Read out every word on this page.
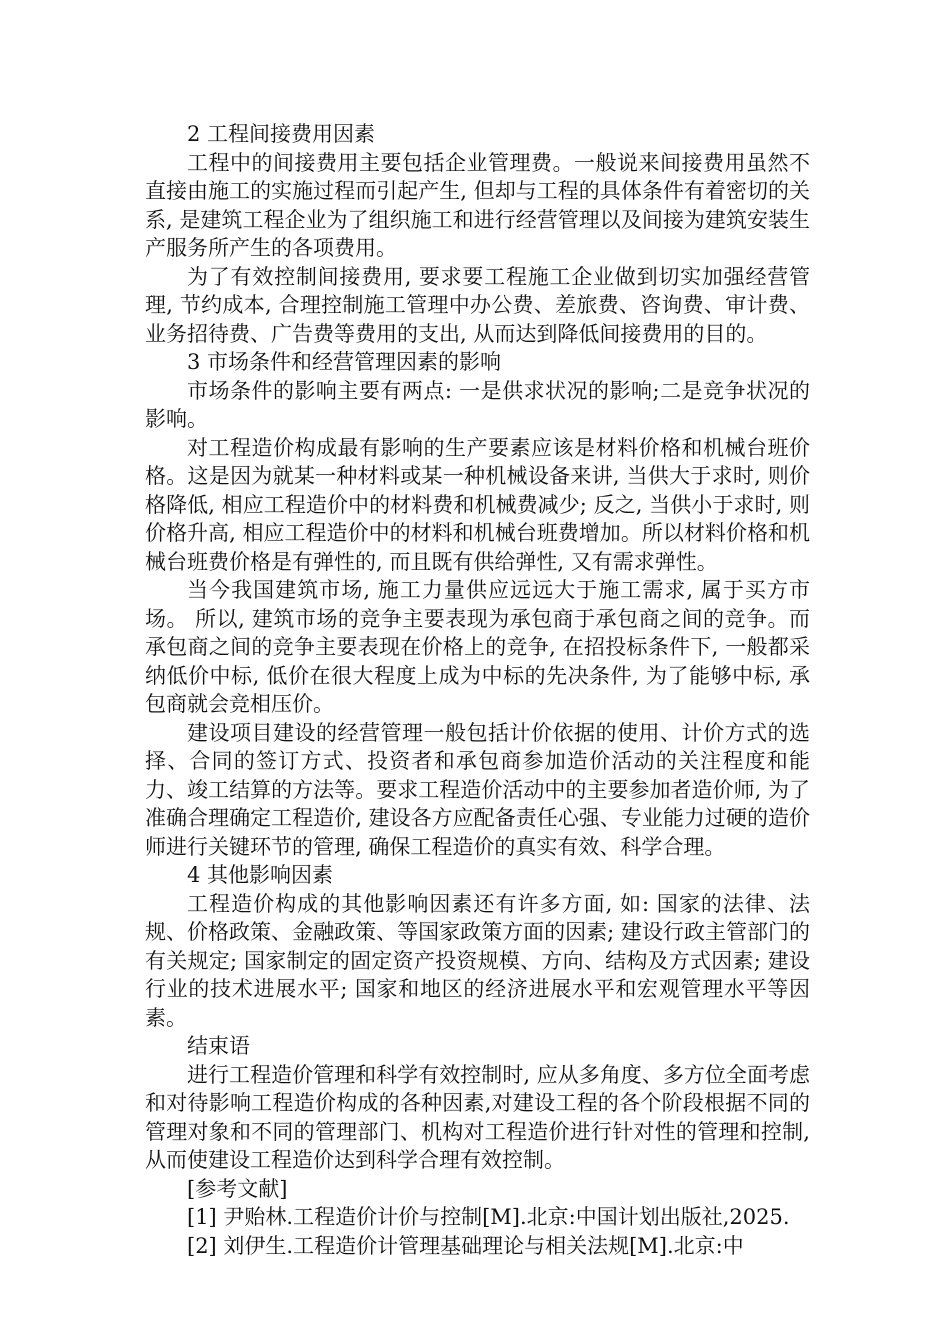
2 工程间接费用因素

工程中的间接费用主要包括企业管理费。一般说来间接费用虽然不直接由施工的实施过程而引起产生, 但却与工程的具体条件有着密切的关系, 是建筑工程企业为了组织施工和进行经营管理以及间接为建筑安装生产服务所产生的各项费用。

为了有效控制间接费用, 要求要工程施工企业做到切实加强经营管理, 节约成本, 合理控制施工管理中办公费、差旅费、咨询费、审计费、业务招待费、广告费等费用的支出, 从而达到降低间接费用的目的。

3 市场条件和经营管理因素的影响

市场条件的影响主要有两点: 一是供求状况的影响;二是竞争状况的影响。

对工程造价构成最有影响的生产要素应该是材料价格和机械台班价格。这是因为就某一种材料或某一种机械设备来讲, 当供大于求时, 则价格降低, 相应工程造价中的材料费和机械费减少; 反之, 当供小于求时, 则价格升高, 相应工程造价中的材料和机械台班费增加。所以材料价格和机械台班费价格是有弹性的, 而且既有供给弹性, 又有需求弹性。

当今我国建筑市场, 施工力量供应远远大于施工需求, 属于买方市场。 所以, 建筑市场的竞争主要表现为承包商于承包商之间的竞争。而承包商之间的竞争主要表现在价格上的竞争, 在招投标条件下, 一般都采纳低价中标, 低价在很大程度上成为中标的先决条件, 为了能够中标, 承包商就会竞相压价。

建设项目建设的经营管理一般包括计价依据的使用、计价方式的选择、合同的签订方式、投资者和承包商参加造价活动的关注程度和能力、竣工结算的方法等。要求工程造价活动中的主要参加者造价师, 为了准确合理确定工程造价, 建设各方应配备责任心强、专业能力过硬的造价师进行关键环节的管理, 确保工程造价的真实有效、科学合理。

4 其他影响因素

工程造价构成的其他影响因素还有许多方面, 如: 国家的法律、法规、价格政策、金融政策、等国家政策方面的因素; 建设行政主管部门的有关规定; 国家制定的固定资产投资规模、方向、结构及方式因素; 建设行业的技术进展水平; 国家和地区的经济进展水平和宏观管理水平等因素。

结束语

进行工程造价管理和科学有效控制时, 应从多角度、多方位全面考虑和对待影响工程造价构成的各种因素,对建设工程的各个阶段根据不同的管理对象和不同的管理部门、机构对工程造价进行针对性的管理和控制, 从而使建设工程造价达到科学合理有效控制。

[参考文献]

[1] 尹贻林.工程造价计价与控制[M].北京:中国计划出版社,2025.

[2] 刘伊生.工程造价计管理基础理论与相关法规[M].北京:中
